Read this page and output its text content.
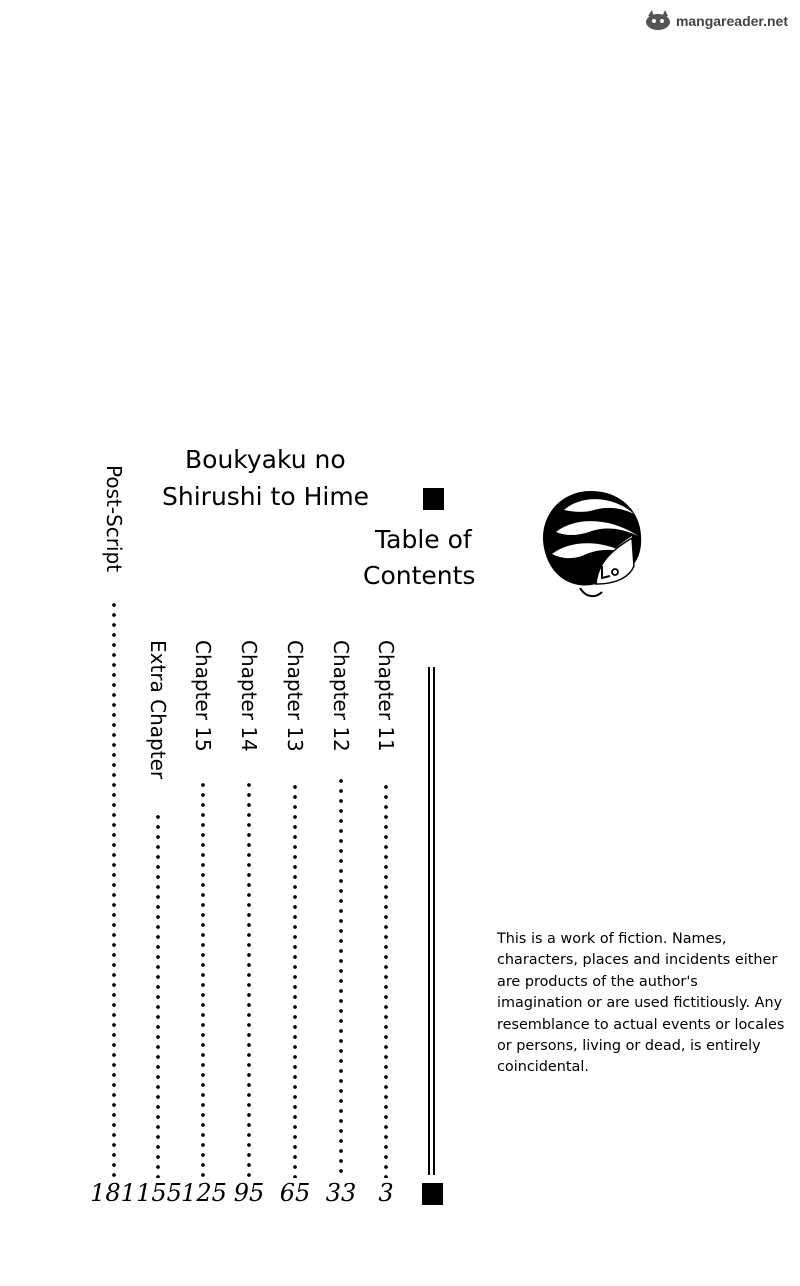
mangareader.net
Boukyaku no
Shirushi to Hime
Table of
Contents
Chapter 11
3
Chapter 12
33
Chapter 13
65
Chapter 14
95
Chapter 15
125
Extra Chapter
155
Post-Script
181

This is a work of fiction. Names, characters, places and incidents either are products of the author's imagination or are used fictitiously. Any resemblance to actual events or locales or persons, living or dead, is entirely coincidental.
